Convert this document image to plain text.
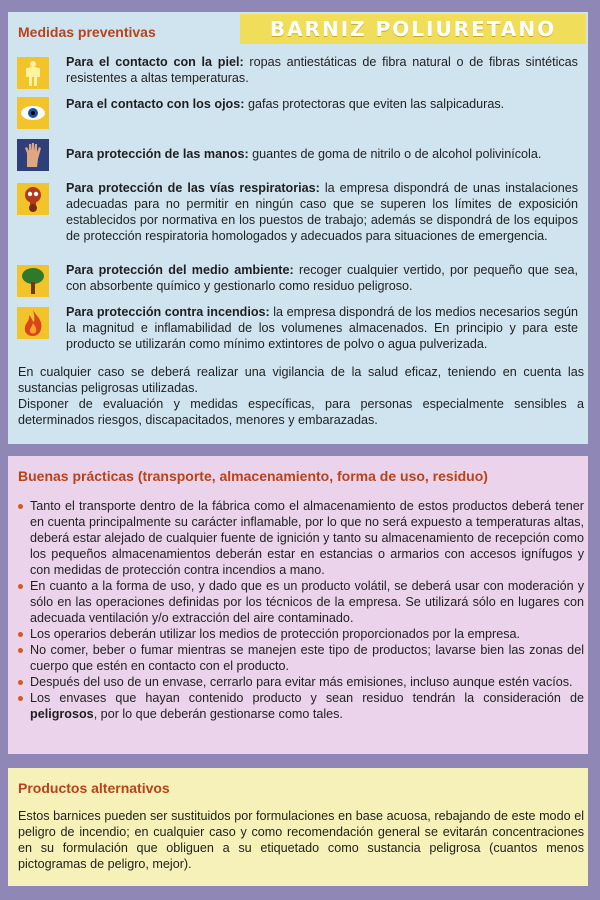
Medidas preventivas	BARNIZ POLIURETANO
Para el contacto con la piel: ropas antiestáticas de fibra natural o de fibras sintéticas resistentes a altas temperaturas.
Para el contacto con los ojos: gafas protectoras que eviten las salpicaduras.
Para protección de las manos: guantes de goma de nitrilo o de alcohol polivinícola.
Para protección de las vías respiratorias: la empresa dispondrá de unas instalaciones adecuadas para no permitir en ningún caso que se superen los límites de exposición establecidos por normativa en los puestos de trabajo; además se dispondrá de los equipos de protección respiratoria homologados y adecuados para situaciones de emergencia.
Para protección del medio ambiente: recoger cualquier vertido, por pequeño que sea, con absorbente químico y gestionarlo como residuo peligroso.
Para protección contra incendios: la empresa dispondrá de los medios necesarios según la magnitud e inflamabilidad de los volumenes almacenados. En principio y para este producto se utilizarán como mínimo extintores de polvo o agua pulverizada.

En cualquier caso se deberá realizar una vigilancia de la salud eficaz, teniendo en cuenta las sustancias peligrosas utilizadas.

Disponer de evaluación y medidas específicas, para personas especialmente sensibles a determinados riesgos, discapacitados, menores y embarazadas.

Buenas prácticas (transporte, almacenamiento, forma de uso, residuo)
Tanto el transporte dentro de la fábrica como el almacenamiento de estos productos deberá tener en cuenta principalmente su carácter inflamable, por lo que no será expuesto a temperaturas altas, deberá estar alejado de cualquier fuente de ignición y tanto su almacenamiento de recepción como los pequeños almacenamientos deberán estar en estancias o armarios con accesos ignífugos y con medidas de protección contra incendios a mano.
En cuanto a la forma de uso, y dado que es un producto volátil, se deberá usar con moderación y sólo en las operaciones definidas por los técnicos de la empresa. Se utilizará sólo en lugares con adecuada ventilación y/o extracción del aire contaminado.
Los operarios deberán utilizar los medios de protección proporcionados por la empresa.
No comer, beber o fumar mientras se manejen este tipo de productos; lavarse bien las zonas del cuerpo que estén en contacto con el producto.
Después del uso de un envase, cerrarlo para evitar más emisiones, incluso aunque estén vacíos.
Los envases que hayan contenido producto y sean residuo tendrán la consideración de peligrosos, por lo que deberán gestionarse como tales.
Productos alternativos
Estos barnices pueden ser sustituidos por formulaciones en base acuosa, rebajando de este modo el peligro de incendio; en cualquier caso y como recomendación general se evitarán concentraciones en su formulación que obliguen a su etiquetado como sustancia peligrosa (cuantos menos pictogramas de peligro, mejor).
